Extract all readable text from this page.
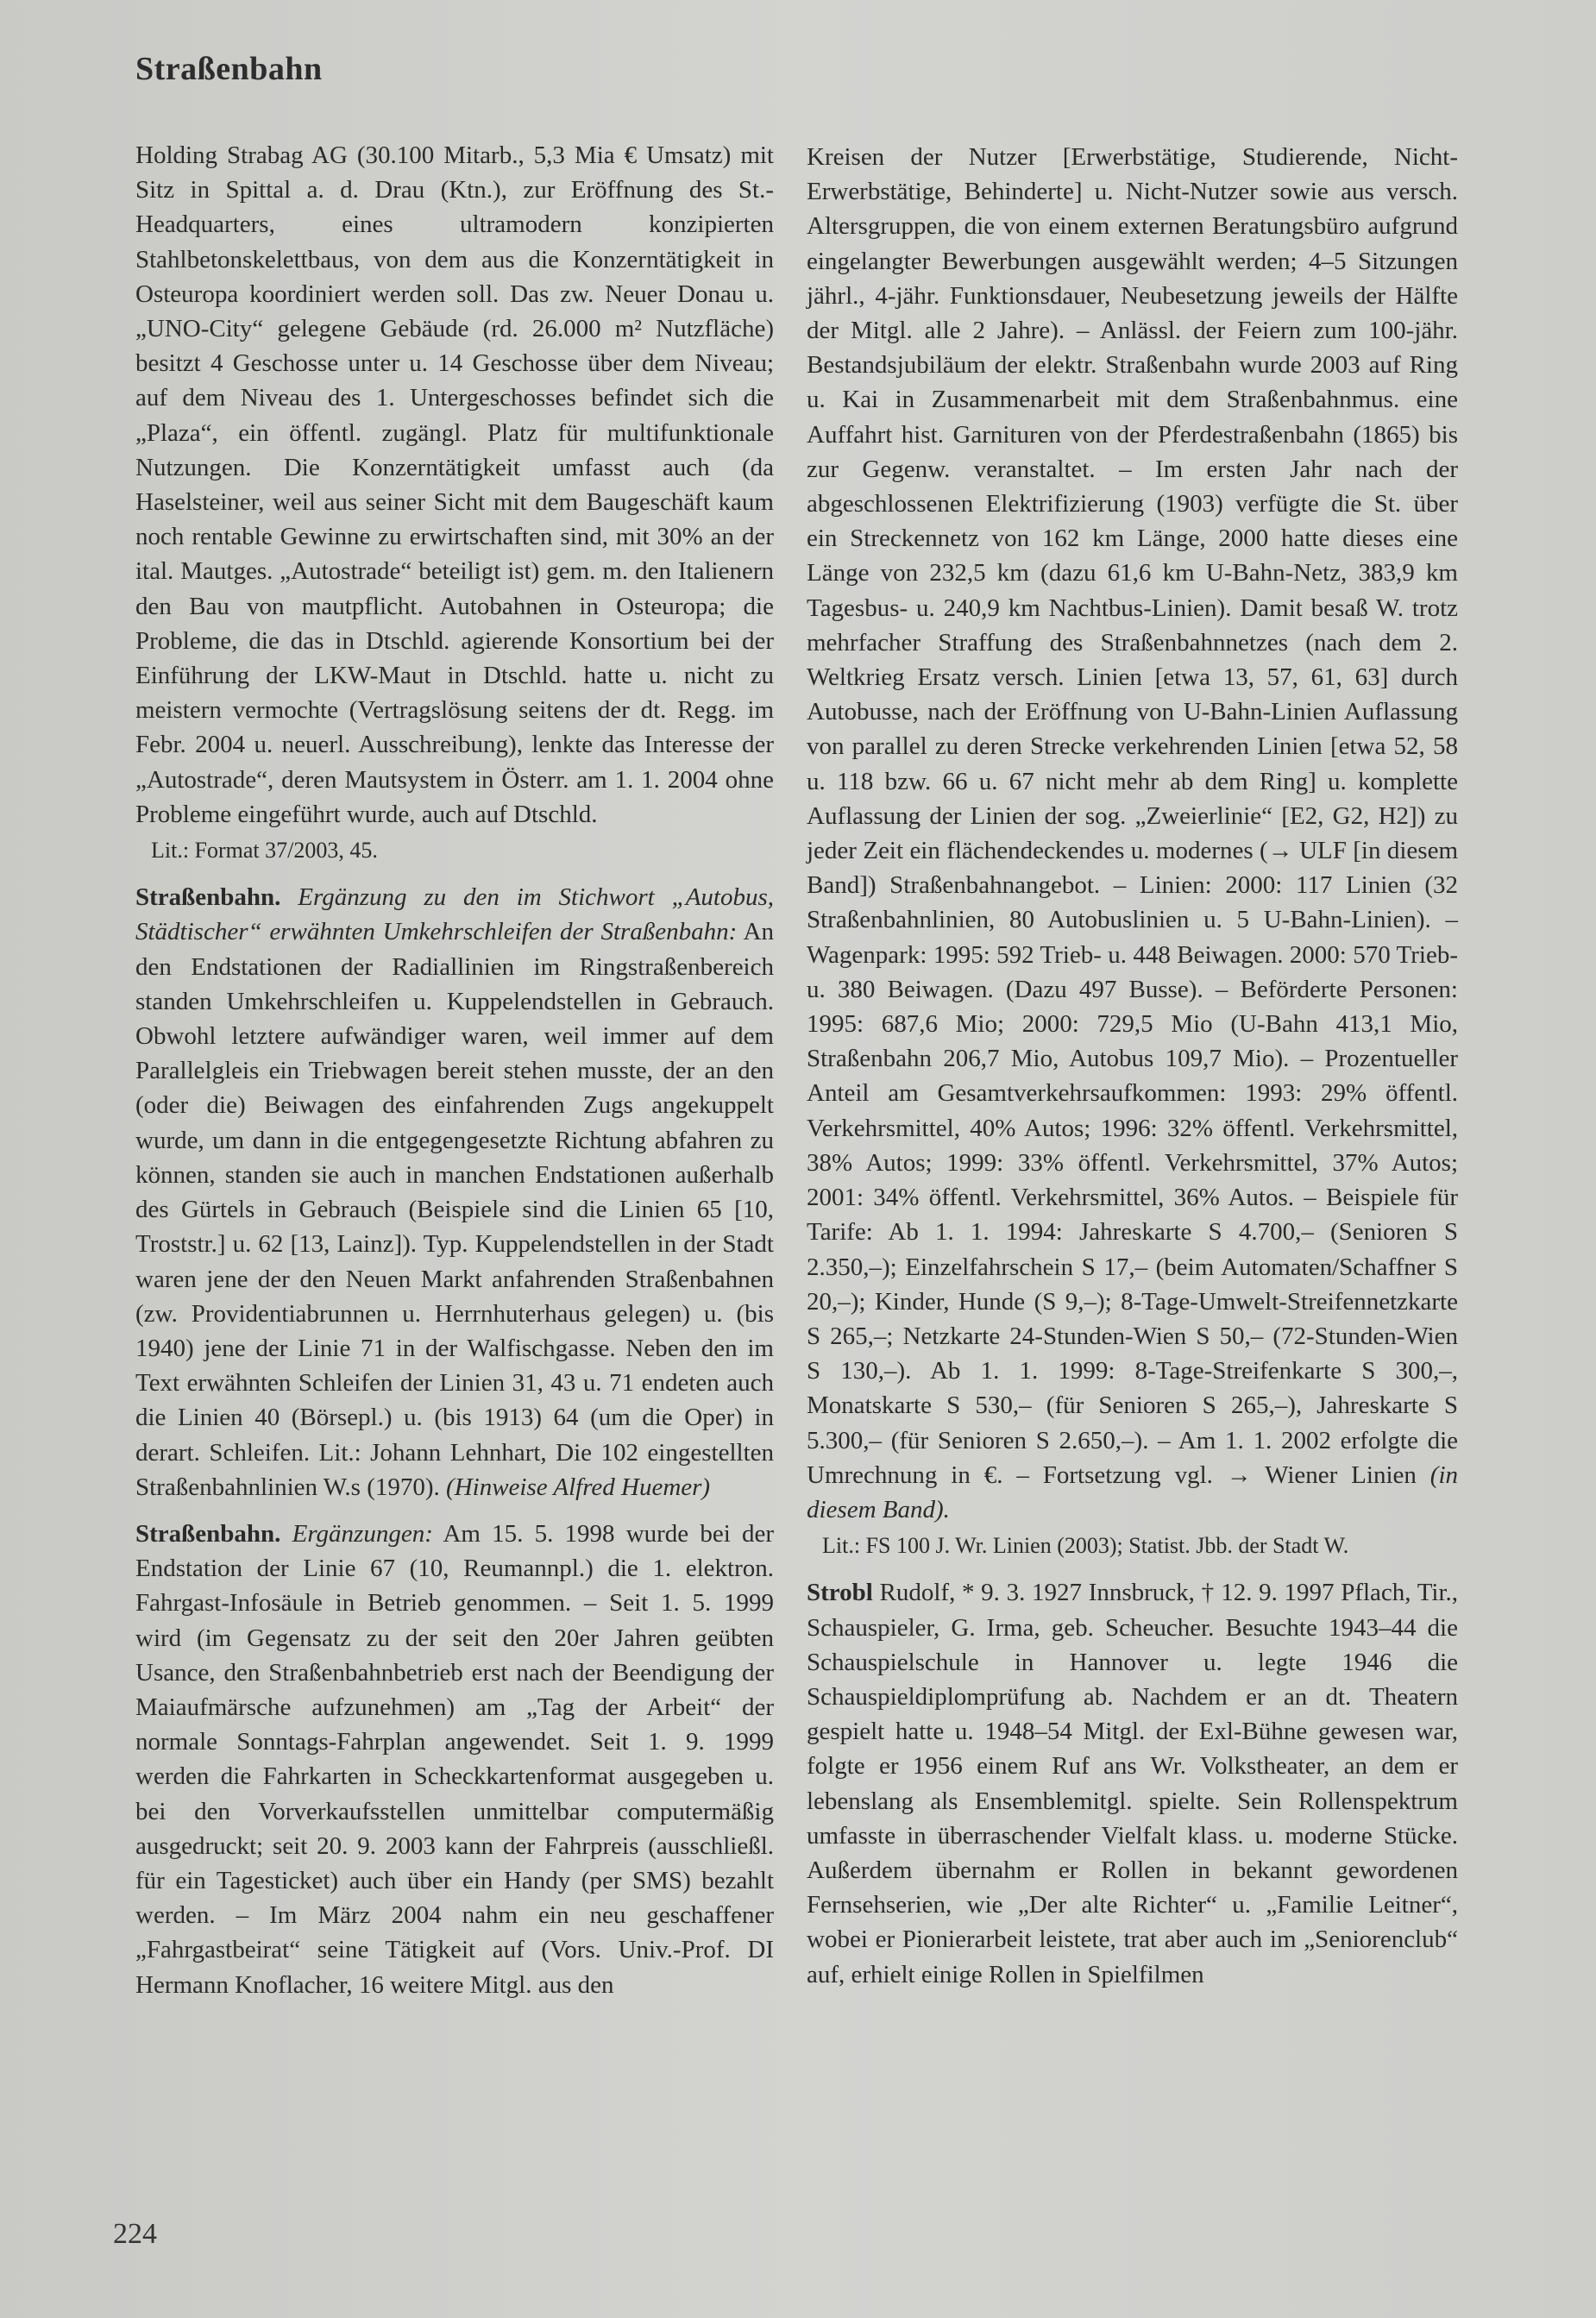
Straßenbahn

Holding Strabag AG (30.100 Mitarb., 5,3 Mia € Umsatz) mit Sitz in Spittal a. d. Drau (Ktn.), zur Eröffnung des St.-Headquarters, eines ultramodern konzipierten Stahlbetonskelettbaus, von dem aus die Konzerntätigkeit in Osteuropa koordiniert werden soll. Das zw. Neuer Donau u. „UNO-City“ gelegene Gebäude (rd. 26.000 m² Nutzfläche) besitzt 4 Geschosse unter u. 14 Geschosse über dem Niveau; auf dem Niveau des 1. Untergeschosses befindet sich die „Plaza“, ein öffentl. zugängl. Platz für multifunktionale Nutzungen. Die Konzerntätigkeit umfasst auch (da Haselsteiner, weil aus seiner Sicht mit dem Baugeschäft kaum noch rentable Gewinne zu erwirtschaften sind, mit 30% an der ital. Mautges. „Autostrade“ beteiligt ist) gem. m. den Italienern den Bau von mautpflicht. Autobahnen in Osteuropa; die Probleme, die das in Dtschld. agierende Konsortium bei der Einführung der LKW-Maut in Dtschld. hatte u. nicht zu meistern vermochte (Vertragslösung seitens der dt. Regg. im Febr. 2004 u. neuerl. Ausschreibung), lenkte das Interesse der „Autostrade“, deren Mautsystem in Österr. am 1. 1. 2004 ohne Probleme eingeführt wurde, auch auf Dtschld.

Lit.: Format 37/2003, 45.

Straßenbahn. Ergänzung zu den im Stichwort „Autobus, Städtischer“ erwähnten Umkehrschleifen der Straßenbahn: An den Endstationen der Radiallinien im Ringstraßenbereich standen Umkehrschleifen u. Kuppelendstellen in Gebrauch. Obwohl letztere aufwändiger waren, weil immer auf dem Parallelgleis ein Triebwagen bereit stehen musste, der an den (oder die) Beiwagen des einfahrenden Zugs angekuppelt wurde, um dann in die entgegengesetzte Richtung abfahren zu können, standen sie auch in manchen Endstationen außerhalb des Gürtels in Gebrauch (Beispiele sind die Linien 65 [10, Troststr.] u. 62 [13, Lainz]). Typ. Kuppelendstellen in der Stadt waren jene der den Neuen Markt anfahrenden Straßenbahnen (zw. Providentiabrunnen u. Herrnhuterhaus gelegen) u. (bis 1940) jene der Linie 71 in der Walfischgasse. Neben den im Text erwähnten Schleifen der Linien 31, 43 u. 71 endeten auch die Linien 40 (Börsepl.) u. (bis 1913) 64 (um die Oper) in derart. Schleifen. Lit.: Johann Lehnhart, Die 102 eingestellten Straßenbahnlinien W.s (1970). (Hinweise Alfred Huemer)

Straßenbahn. Ergänzungen: Am 15. 5. 1998 wurde bei der Endstation der Linie 67 (10, Reumannpl.) die 1. elektron. Fahrgast-Infosäule in Betrieb genommen. – Seit 1. 5. 1999 wird (im Gegensatz zu der seit den 20er Jahren geübten Usance, den Straßenbahnbetrieb erst nach der Beendigung der Maiaufmärsche aufzunehmen) am „Tag der Arbeit“ der normale Sonntags-Fahrplan angewendet. Seit 1. 9. 1999 werden die Fahrkarten in Scheckkartenformat ausgegeben u. bei den Vorverkaufsstellen unmittelbar computermäßig ausgedruckt; seit 20. 9. 2003 kann der Fahrpreis (ausschließl. für ein Tagesticket) auch über ein Handy (per SMS) bezahlt werden. – Im März 2004 nahm ein neu geschaffener „Fahrgastbeirat“ seine Tätigkeit auf (Vors. Univ.-Prof. DI Hermann Knoflacher, 16 weitere Mitgl. aus den

Kreisen der Nutzer [Erwerbstätige, Studierende, Nicht-Erwerbstätige, Behinderte] u. Nicht-Nutzer sowie aus versch. Altersgruppen, die von einem externen Beratungsbüro aufgrund eingelangter Bewerbungen ausgewählt werden; 4–5 Sitzungen jährl., 4-jähr. Funktionsdauer, Neubesetzung jeweils der Hälfte der Mitgl. alle 2 Jahre). – Anlässl. der Feiern zum 100-jähr. Bestandsjubiläum der elektr. Straßenbahn wurde 2003 auf Ring u. Kai in Zusammenarbeit mit dem Straßenbahnmus. eine Auffahrt hist. Garnituren von der Pferdestraßenbahn (1865) bis zur Gegenw. veranstaltet. – Im ersten Jahr nach der abgeschlossenen Elektrifizierung (1903) verfügte die St. über ein Streckennetz von 162 km Länge, 2000 hatte dieses eine Länge von 232,5 km (dazu 61,6 km U-Bahn-Netz, 383,9 km Tagesbus- u. 240,9 km Nachtbus-Linien). Damit besaß W. trotz mehrfacher Straffung des Straßenbahnnetzes (nach dem 2. Weltkrieg Ersatz versch. Linien [etwa 13, 57, 61, 63] durch Autobusse, nach der Eröffnung von U-Bahn-Linien Auflassung von parallel zu deren Strecke verkehrenden Linien [etwa 52, 58 u. 118 bzw. 66 u. 67 nicht mehr ab dem Ring] u. komplette Auflassung der Linien der sog. „Zweierlinie“ [E2, G2, H2]) zu jeder Zeit ein flächendeckendes u. modernes (→ ULF [in diesem Band]) Straßenbahnangebot. – Linien: 2000: 117 Linien (32 Straßenbahnlinien, 80 Autobuslinien u. 5 U-Bahn-Linien). – Wagenpark: 1995: 592 Trieb- u. 448 Beiwagen. 2000: 570 Trieb- u. 380 Beiwagen. (Dazu 497 Busse). – Beförderte Personen: 1995: 687,6 Mio; 2000: 729,5 Mio (U-Bahn 413,1 Mio, Straßenbahn 206,7 Mio, Autobus 109,7 Mio). – Prozentueller Anteil am Gesamtverkehrsaufkommen: 1993: 29% öffentl. Verkehrsmittel, 40% Autos; 1996: 32% öffentl. Verkehrsmittel, 38% Autos; 1999: 33% öffentl. Verkehrsmittel, 37% Autos; 2001: 34% öffentl. Verkehrsmittel, 36% Autos. – Beispiele für Tarife: Ab 1. 1. 1994: Jahreskarte S 4.700,– (Senioren S 2.350,–); Einzelfahrschein S 17,– (beim Automaten/Schaffner S 20,–); Kinder, Hunde (S 9,–); 8-Tage-Umwelt-Streifennetzkarte S 265,–; Netzkarte 24-Stunden-Wien S 50,– (72-Stunden-Wien S 130,–). Ab 1. 1. 1999: 8-Tage-Streifenkarte S 300,–, Monatskarte S 530,– (für Senioren S 265,–), Jahreskarte S 5.300,– (für Senioren S 2.650,–). – Am 1. 1. 2002 erfolgte die Umrechnung in €. – Fortsetzung vgl. → Wiener Linien (in diesem Band).

Lit.: FS 100 J. Wr. Linien (2003); Statist. Jbb. der Stadt W.

Strobl Rudolf, * 9. 3. 1927 Innsbruck, † 12. 9. 1997 Pflach, Tir., Schauspieler, G. Irma, geb. Scheucher. Besuchte 1943–44 die Schauspielschule in Hannover u. legte 1946 die Schauspieldiplomprüfung ab. Nachdem er an dt. Theatern gespielt hatte u. 1948–54 Mitgl. der Exl-Bühne gewesen war, folgte er 1956 einem Ruf ans Wr. Volkstheater, an dem er lebenslang als Ensemblemitgl. spielte. Sein Rollenspektrum umfasste in überraschender Vielfalt klass. u. moderne Stücke. Außerdem übernahm er Rollen in bekannt gewordenen Fernsehserien, wie „Der alte Richter“ u. „Familie Leitner“, wobei er Pionierarbeit leistete, trat aber auch im „Seniorenclub“ auf, erhielt einige Rollen in Spielfilmen

224
